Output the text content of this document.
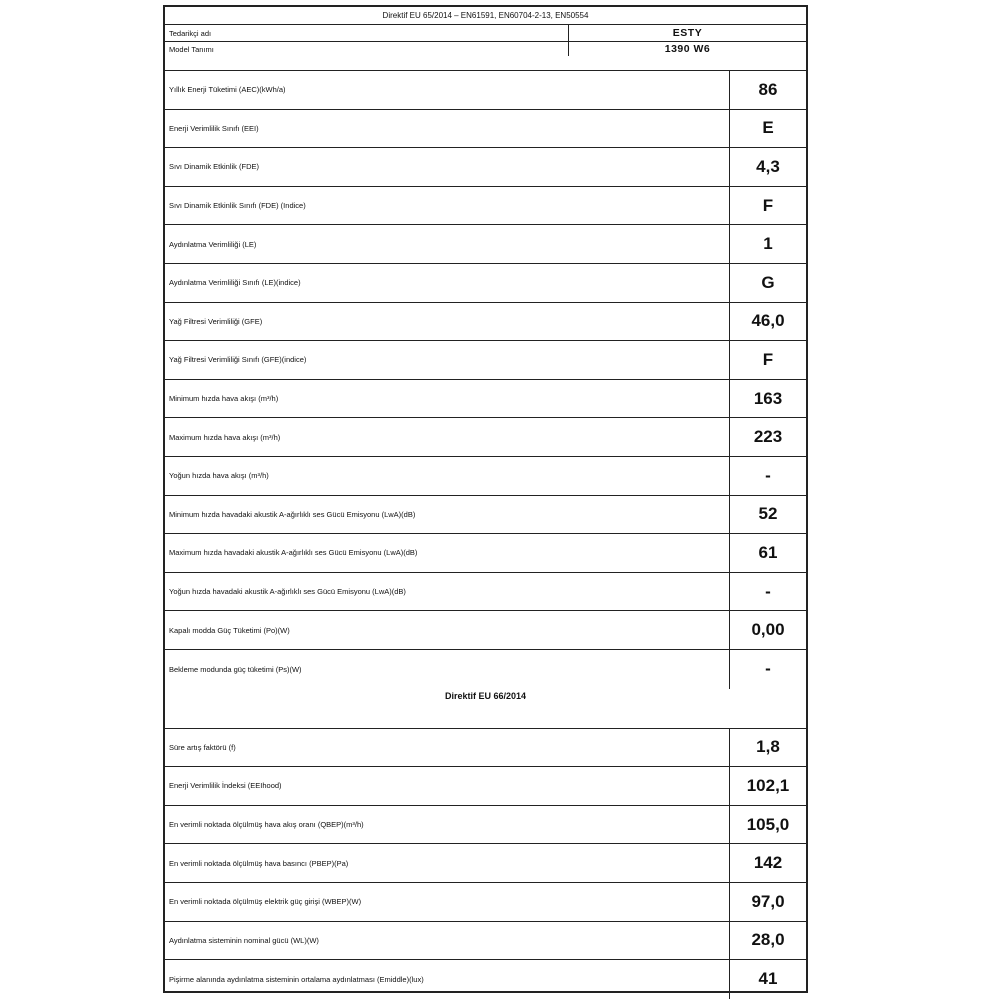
Direktif EU 65/2014 – EN61591, EN60704-2-13, EN50554
Tedarikçi adı	ESTY
Model Tanımı	1390 W6
Yıllık Enerji Tüketimi (AEC)(kWh/a)	86
Enerji Verimlilik Sınıfı (EEI)	E
Sıvı Dinamik Etkinlik (FDE)	4,3
Sıvı Dinamik Etkinlik Sınıfı (FDE) (Indice)	F
Aydınlatma Verimliliği (LE)	1
Aydınlatma Verimliliği Sınıfı (LE)(indice)	G
Yağ Filtresi Verimliliği (GFE)	46,0
Yağ Filtresi Verimliliği Sınıfı (GFE)(indice)	F
Minimum hızda hava akışı (m³/h)	163
Maximum hızda hava akışı (m³/h)	223
Yoğun hızda hava akışı (m³/h)	-
Minimum hızda havadaki akustik A-ağırlıklı ses Gücü Emisyonu (LwA)(dB)	52
Maximum hızda havadaki akustik A-ağırlıklı ses Gücü Emisyonu (LwA)(dB)	61
Yoğun hızda havadaki akustik A-ağırlıklı ses Gücü Emisyonu (LwA)(dB)	-
Kapalı modda Güç Tüketimi (Po)(W)	0,00
Bekleme modunda güç tüketimi (Ps)(W)	-
Direktif EU 66/2014
Süre artış faktörü (f)	1,8
Enerji Verimlilik İndeksi (EEIhood)	102,1
En verimli noktada ölçülmüş hava akış oranı (QBEP)(m³/h)	105,0
En verimli noktada ölçülmüş hava basıncı (PBEP)(Pa)	142
En verimli noktada ölçülmüş elektrik güç girişi (WBEP)(W)	97,0
Aydınlatma sisteminin nominal gücü (WL)(W)	28,0
Pişirme alanında aydınlatma sisteminin ortalama aydınlatması (Emiddle)(lux)	41
